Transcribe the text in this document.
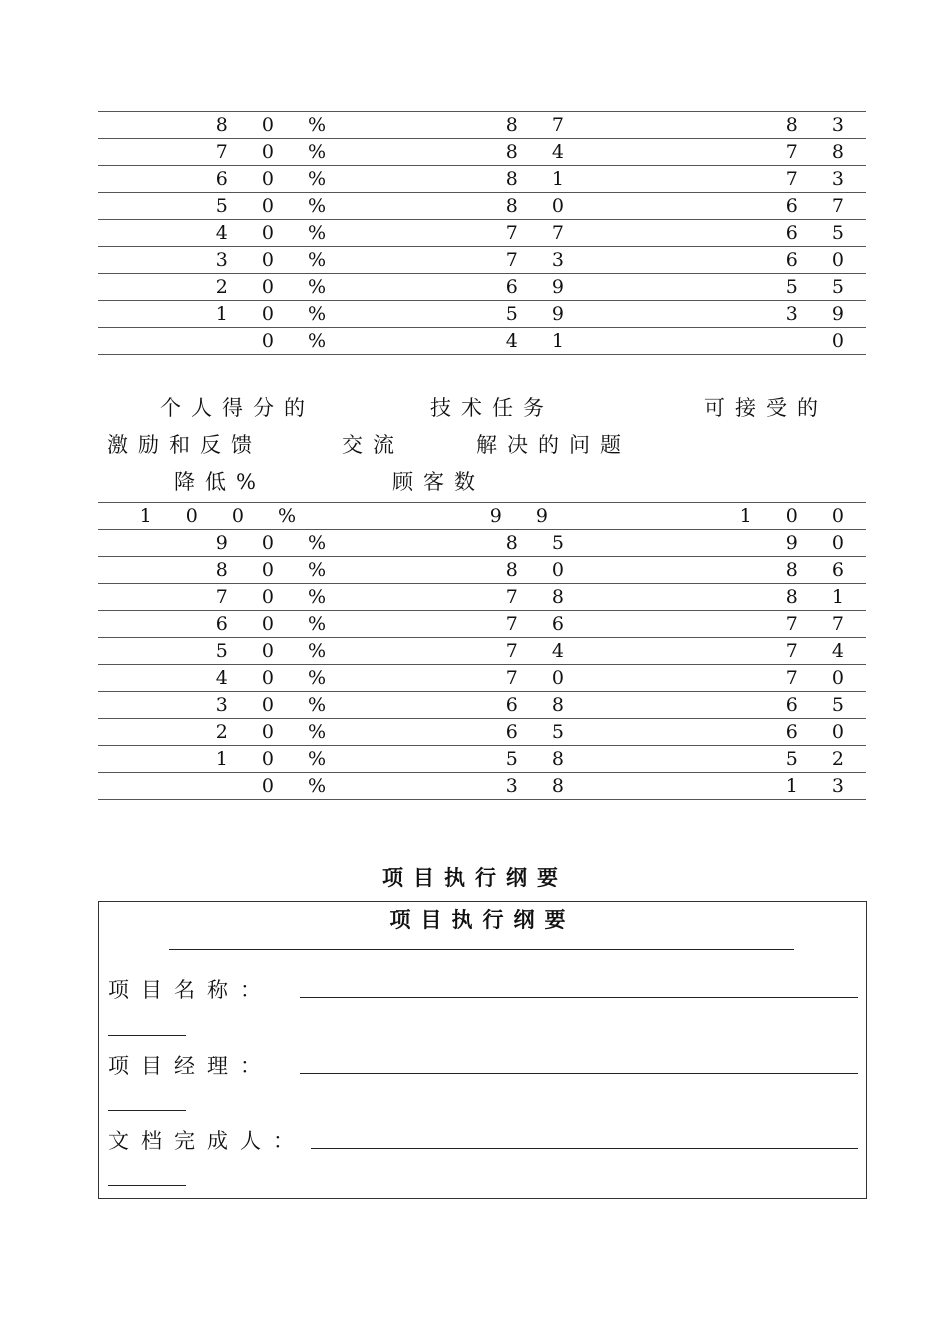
8 0 %	8 7	8 3
7 0 %	8 4	7 8
6 0 %	8 1	7 3
5 0 %	8 0	6 7
4 0 %	7 7	6 5
3 0 %	7 3	6 0
2 0 %	6 9	5 5
1 0 %	5 9	3 9
0 %	4 1	0
个人得分的	技术任务	可接受的
激励和反馈	交流	解决的问题
降低%	顾客数
1 0 0 %	9 9	1 0 0
9 0 %	8 5	9 0
8 0 %	8 0	8 6
7 0 %	7 8	8 1
6 0 %	7 6	7 7
5 0 %	7 4	7 4
4 0 %	7 0	7 0
3 0 %	6 8	6 5
2 0 %	6 5	6 0
1 0 %	5 8	5 2
0 %	3 8	1 3
项目执行纲要
项目执行纲要
项目名称：
项目经理：
文档完成人：
